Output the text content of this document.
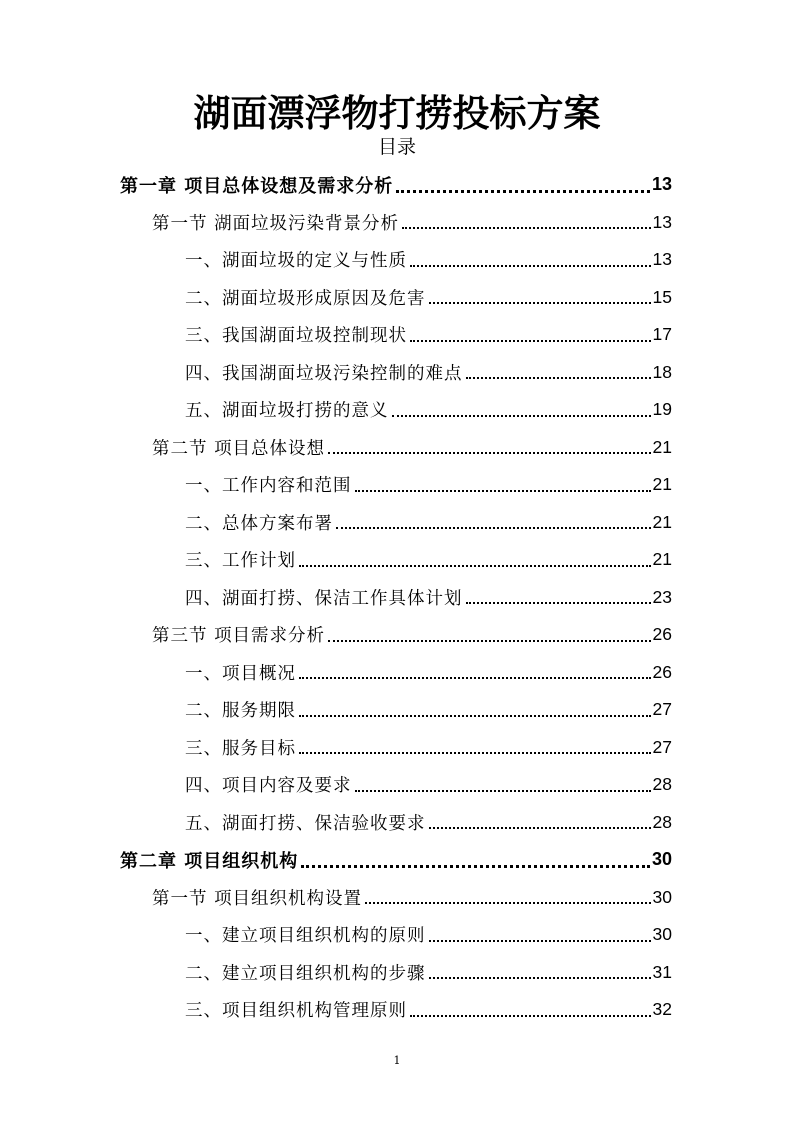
湖面漂浮物打捞投标方案
目录
第一章 项目总体设想及需求分析	13
第一节 湖面垃圾污染背景分析	13
一、湖面垃圾的定义与性质	13
二、湖面垃圾形成原因及危害	15
三、我国湖面垃圾控制现状	17
四、我国湖面垃圾污染控制的难点	18
五、湖面垃圾打捞的意义	19
第二节 项目总体设想	21
一、工作内容和范围	21
二、总体方案布署	21
三、工作计划	21
四、湖面打捞、保洁工作具体计划	23
第三节 项目需求分析	26
一、项目概况	26
二、服务期限	27
三、服务目标	27
四、项目内容及要求	28
五、湖面打捞、保洁验收要求	28
第二章 项目组织机构	30
第一节 项目组织机构设置	30
一、建立项目组织机构的原则	30
二、建立项目组织机构的步骤	31
三、项目组织机构管理原则	32
1
